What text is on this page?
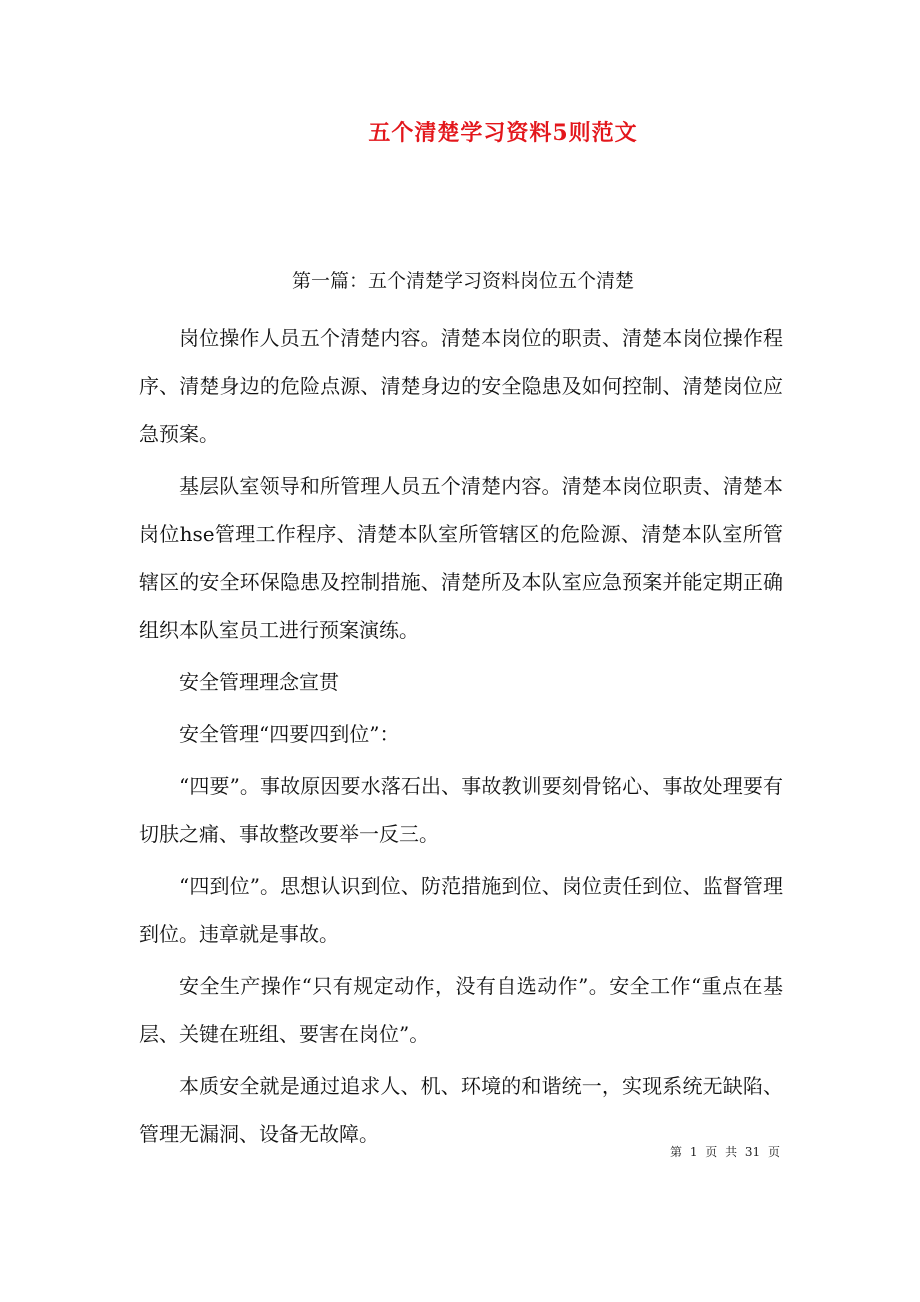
五个清楚学习资料5则范文
第一篇：五个清楚学习资料岗位五个清楚

岗位操作人员五个清楚内容。清楚本岗位的职责、清楚本岗位操作程序、清楚身边的危险点源、清楚身边的安全隐患及如何控制、清楚岗位应急预案。

基层队室领导和所管理人员五个清楚内容。清楚本岗位职责、清楚本岗位hse管理工作程序、清楚本队室所管辖区的危险源、清楚本队室所管辖区的安全环保隐患及控制措施、清楚所及本队室应急预案并能定期正确组织本队室员工进行预案演练。

安全管理理念宣贯

安全管理“四要四到位”：

“四要”。事故原因要水落石出、事故教训要刻骨铭心、事故处理要有切肤之痛、事故整改要举一反三。

“四到位”。思想认识到位、防范措施到位、岗位责任到位、监督管理到位。违章就是事故。

安全生产操作“只有规定动作，没有自选动作”。安全工作“重点在基层、关键在班组、要害在岗位”。

本质安全就是通过追求人、机、环境的和谐统一，实现系统无缺陷、管理无漏洞、设备无故障。

第 1 页 共 31 页
